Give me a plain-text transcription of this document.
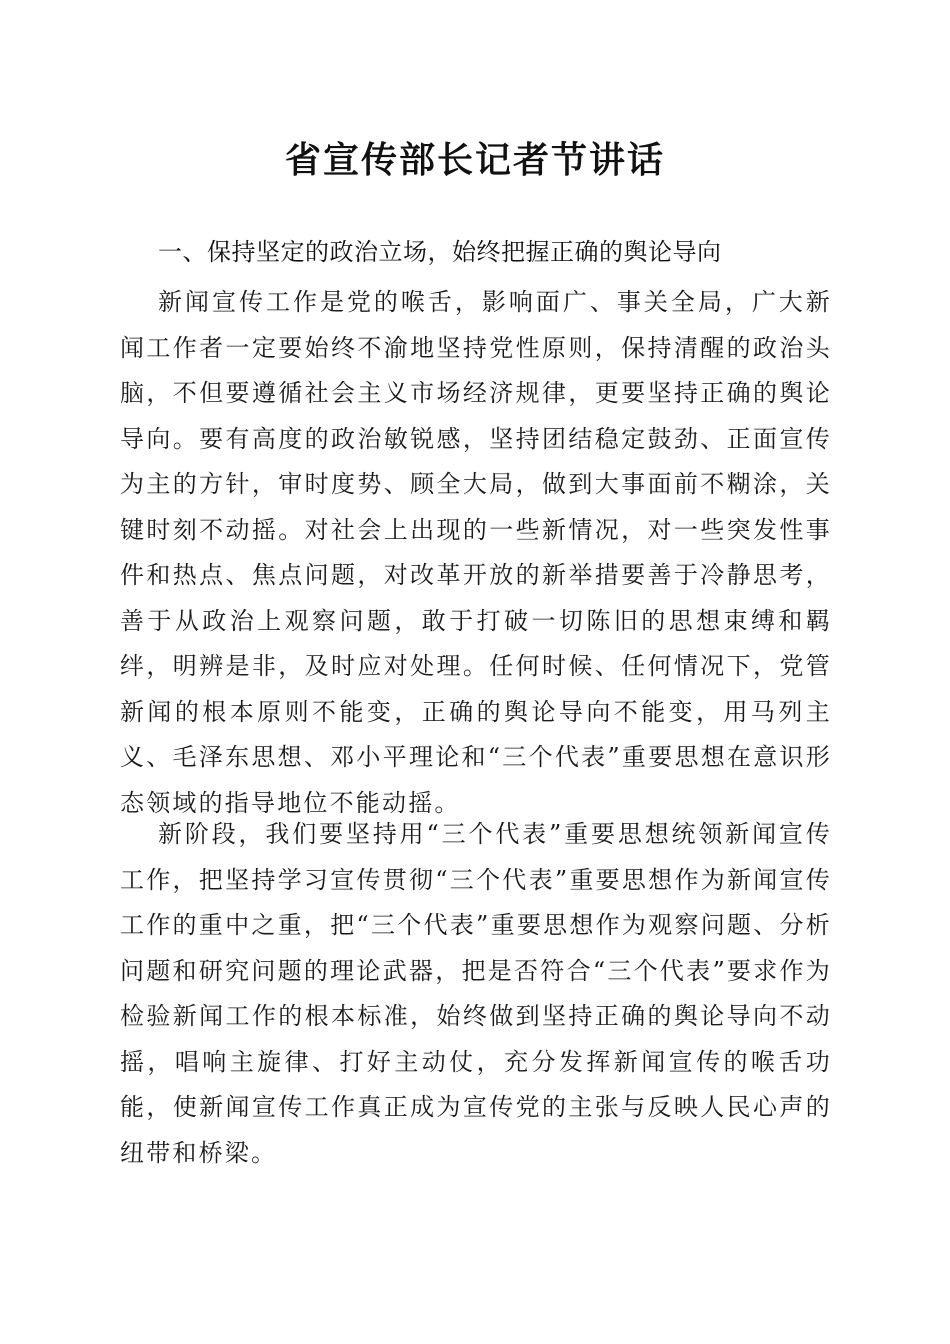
省宣传部长记者节讲话
一、保持坚定的政治立场，始终把握正确的舆论导向

新闻宣传工作是党的喉舌，影响面广、事关全局，广大新闻工作者一定要始终不渝地坚持党性原则，保持清醒的政治头脑，不但要遵循社会主义市场经济规律，更要坚持正确的舆论导向。要有高度的政治敏锐感，坚持团结稳定鼓劲、正面宣传为主的方针，审时度势、顾全大局，做到大事面前不糊涂，关键时刻不动摇。对社会上出现的一些新情况，对一些突发性事件和热点、焦点问题，对改革开放的新举措要善于冷静思考，善于从政治上观察问题，敢于打破一切陈旧的思想束缚和羁绊，明辨是非，及时应对处理。任何时候、任何情况下，党管新闻的根本原则不能变，正确的舆论导向不能变，用马列主义、毛泽东思想、邓小平理论和“三个代表”重要思想在意识形态领域的指导地位不能动摇。

新阶段，我们要坚持用“三个代表”重要思想统领新闻宣传工作，把坚持学习宣传贯彻“三个代表”重要思想作为新闻宣传工作的重中之重，把“三个代表”重要思想作为观察问题、分析问题和研究问题的理论武器，把是否符合“三个代表”要求作为检验新闻工作的根本标准，始终做到坚持正确的舆论导向不动摇，唱响主旋律、打好主动仗，充分发挥新闻宣传的喉舌功能，使新闻宣传工作真正成为宣传党的主张与反映人民心声的纽带和桥梁。
